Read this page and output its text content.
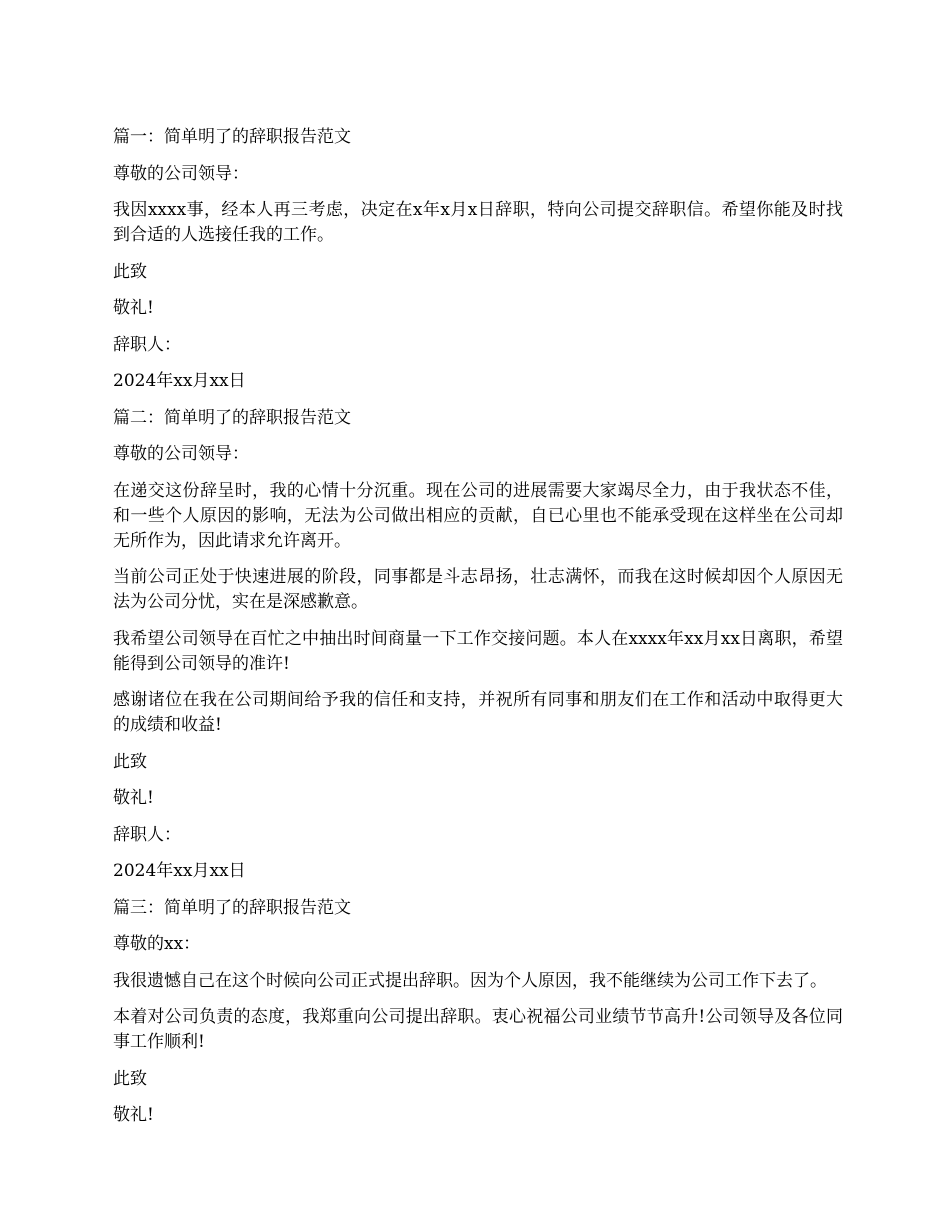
篇一：简单明了的辞职报告范文

尊敬的公司领导：

我因xxxx事，经本人再三考虑，决定在x年x月x日辞职，特向公司提交辞职信。希望你能及时找到合适的人选接任我的工作。

此致

敬礼!

辞职人：

2024年xx月xx日

篇二：简单明了的辞职报告范文

尊敬的公司领导：

在递交这份辞呈时，我的心情十分沉重。现在公司的进展需要大家竭尽全力，由于我状态不佳，和一些个人原因的影响，无法为公司做出相应的贡献，自已心里也不能承受现在这样坐在公司却无所作为，因此请求允许离开。

当前公司正处于快速进展的阶段，同事都是斗志昂扬，壮志满怀，而我在这时候却因个人原因无法为公司分忧，实在是深感歉意。

我希望公司领导在百忙之中抽出时间商量一下工作交接问题。本人在xxxx年xx月xx日离职，希望能得到公司领导的准许!

感谢诸位在我在公司期间给予我的信任和支持，并祝所有同事和朋友们在工作和活动中取得更大的成绩和收益!

此致

敬礼!

辞职人：

2024年xx月xx日

篇三：简单明了的辞职报告范文

尊敬的xx：

我很遗憾自己在这个时候向公司正式提出辞职。因为个人原因，我不能继续为公司工作下去了。

本着对公司负责的态度，我郑重向公司提出辞职。衷心祝福公司业绩节节高升!公司领导及各位同事工作顺利!

此致

敬礼!
